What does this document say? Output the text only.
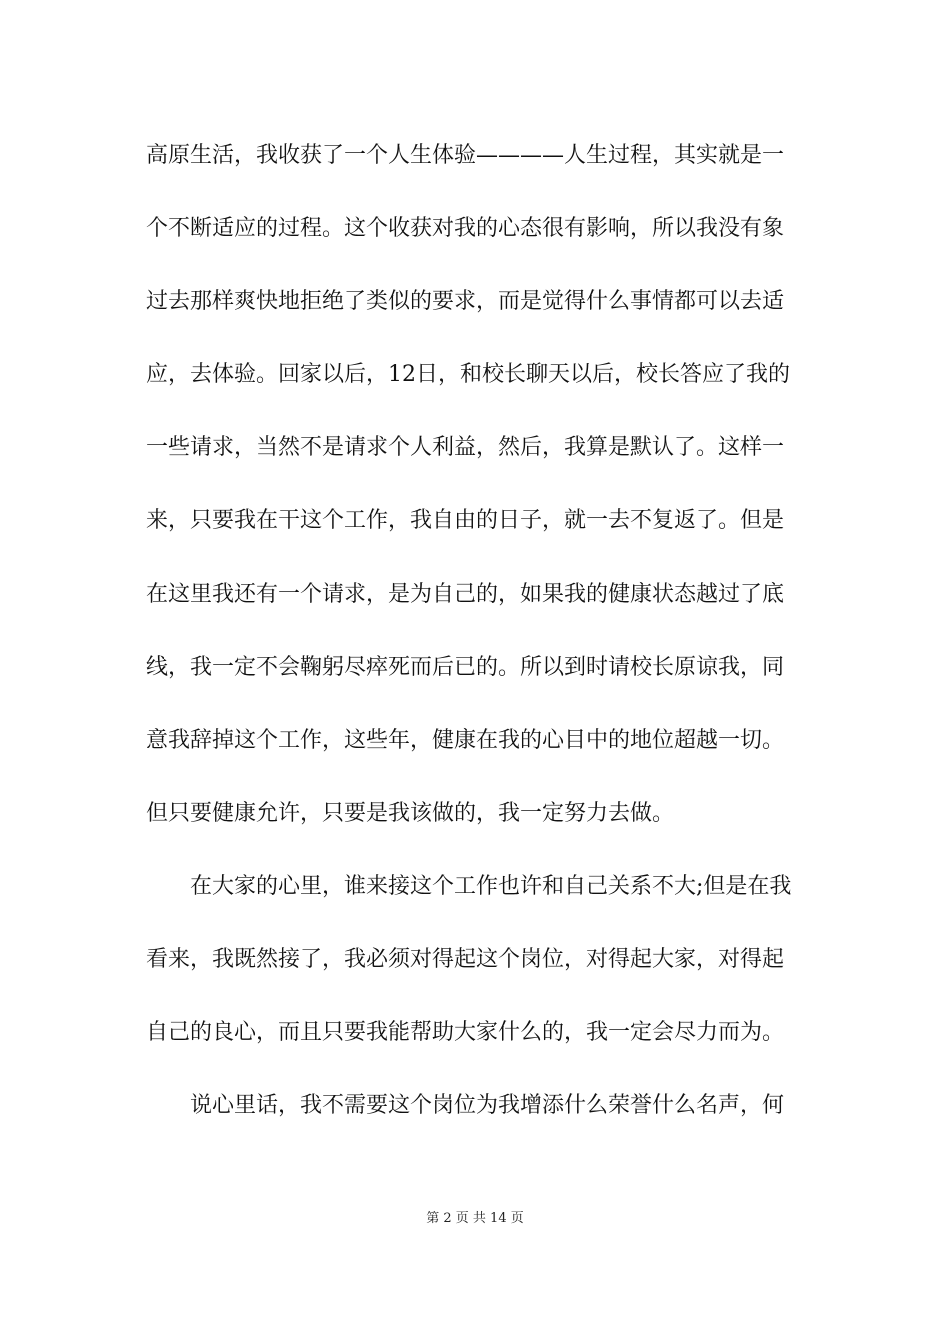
高原生活，我收获了一个人生体验————人生过程，其实就是一
个不断适应的过程。这个收获对我的心态很有影响，所以我没有象
过去那样爽快地拒绝了类似的要求，而是觉得什么事情都可以去适
应，去体验。回家以后，12日，和校长聊天以后，校长答应了我的
一些请求，当然不是请求个人利益，然后，我算是默认了。这样一
来，只要我在干这个工作，我自由的日子，就一去不复返了。但是
在这里我还有一个请求，是为自己的，如果我的健康状态越过了底
线，我一定不会鞠躬尽瘁死而后已的。所以到时请校长原谅我，同
意我辞掉这个工作，这些年，健康在我的心目中的地位超越一切。
但只要健康允许，只要是我该做的，我一定努力去做。
在大家的心里，谁来接这个工作也许和自己关系不大;但是在我
看来，我既然接了，我必须对得起这个岗位，对得起大家，对得起
自己的良心，而且只要我能帮助大家什么的，我一定会尽力而为。
说心里话，我不需要这个岗位为我增添什么荣誉什么名声，何
第 2 页 共 14 页
